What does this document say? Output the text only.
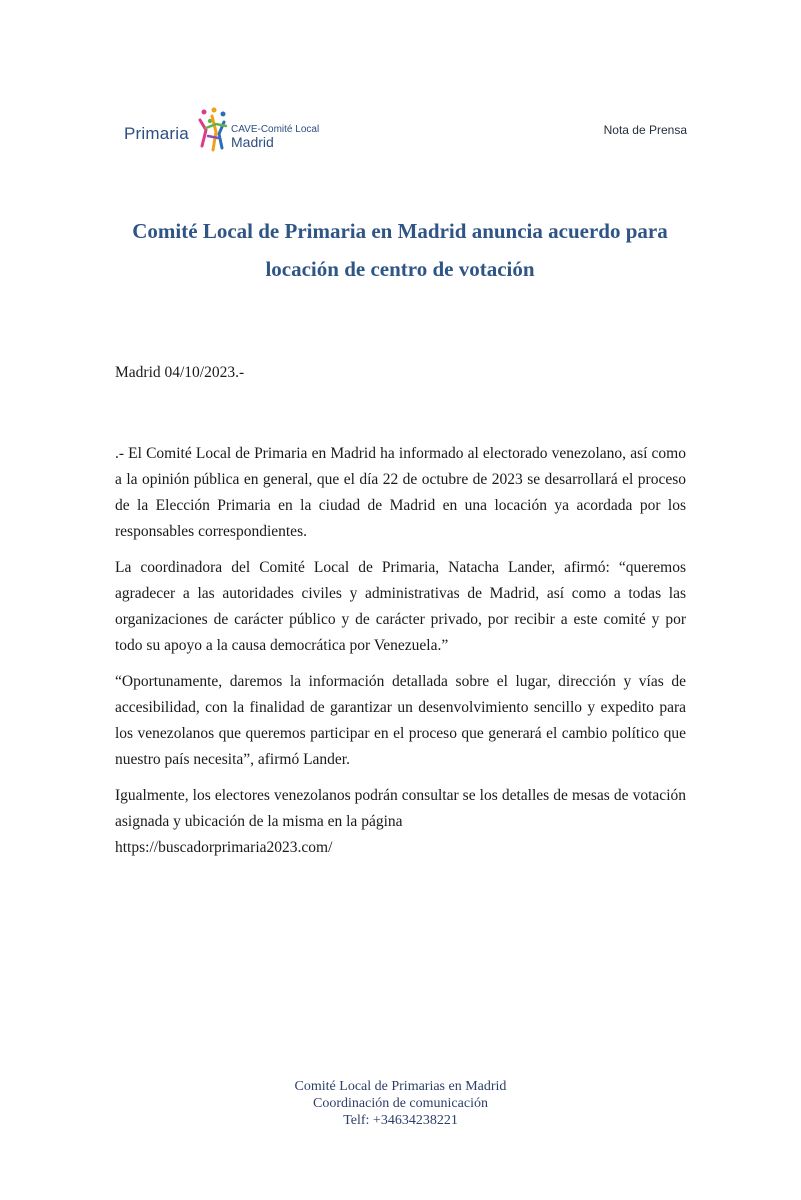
Primaria	CAVE-Comité Local
Madrid
Nota de Prensa
Comité Local de Primaria en Madrid anuncia acuerdo para locación de centro de votación
Madrid 04/10/2023.-

.- El Comité Local de Primaria en Madrid ha informado al electorado venezolano, así como a la opinión pública en general, que el día 22 de octubre de 2023 se desarrollará el proceso de la Elección Primaria en la ciudad de Madrid en una locación ya acordada por los responsables correspondientes.

La coordinadora del Comité Local de Primaria, Natacha Lander, afirmó: “queremos agradecer a las autoridades civiles y administrativas de Madrid, así como a todas las organizaciones de carácter público y de carácter privado, por recibir a este comité y por todo su apoyo a la causa democrática por Venezuela.”

“Oportunamente, daremos la información detallada sobre el lugar, dirección y vías de accesibilidad, con la finalidad de garantizar un desenvolvimiento sencillo y expedito para los venezolanos que queremos participar en el proceso que generará el cambio político que nuestro país necesita”, afirmó Lander.

Igualmente, los electores venezolanos podrán consultar se los detalles de mesas de votación asignada y ubicación de la misma en la página
https://buscadorprimaria2023.com/

Comité Local de Primarias en Madrid
Coordinación de comunicación
Telf: +34634238221
